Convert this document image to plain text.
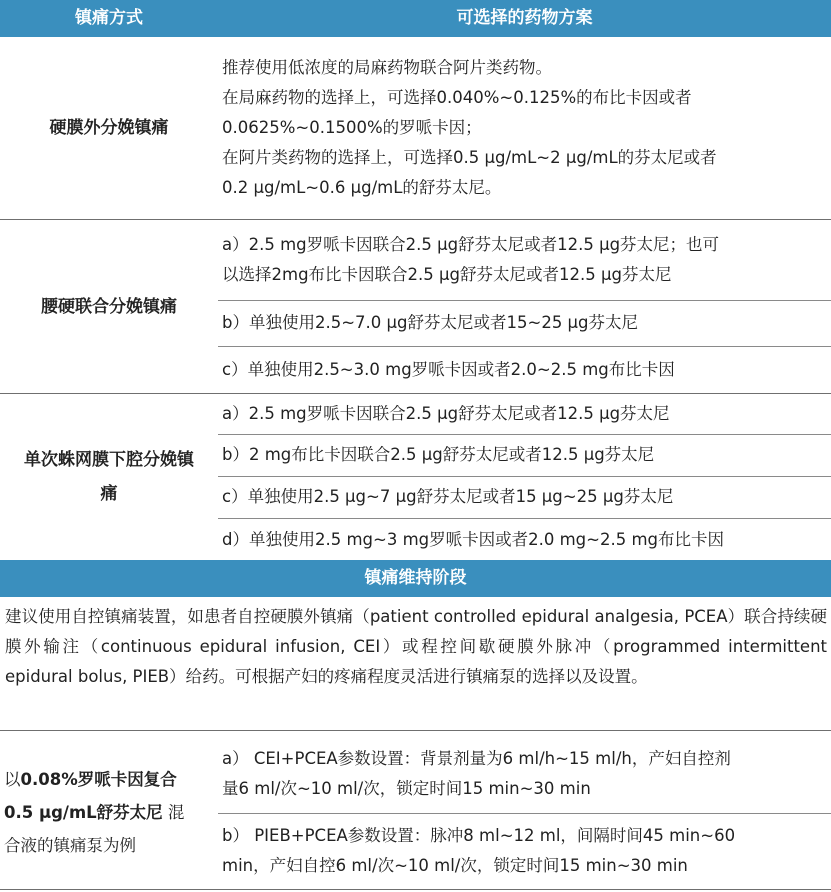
镇痛方式	可选择的药物方案
硬膜外分娩镇痛
推荐使用低浓度的局麻药物联合阿片类药物。
在局麻药物的选择上，可选择0.040%~0.125%的布比卡因或者
0.0625%~0.1500%的罗哌卡因；
在阿片类药物的选择上，可选择0.5 μg/mL~2 μg/mL的芬太尼或者
0.2 μg/mL~0.6 μg/mL的舒芬太尼。
腰硬联合分娩镇痛
a）2.5 mg罗哌卡因联合2.5 μg舒芬太尼或者12.5 μg芬太尼；也可
以选择2mg布比卡因联合2.5 μg舒芬太尼或者12.5 μg芬太尼
b）单独使用2.5~7.0 μg舒芬太尼或者15~25 μg芬太尼
c）单独使用2.5~3.0 mg罗哌卡因或者2.0~2.5 mg布比卡因
单次蛛网膜下腔分娩镇
痛
a）2.5 mg罗哌卡因联合2.5 μg舒芬太尼或者12.5 μg芬太尼
b）2 mg布比卡因联合2.5 μg舒芬太尼或者12.5 μg芬太尼
c）单独使用2.5 μg~7 μg舒芬太尼或者15 μg~25 μg芬太尼
d）单独使用2.5 mg~3 mg罗哌卡因或者2.0 mg~2.5 mg布比卡因
镇痛维持阶段
建议使用自控镇痛装置，如患者自控硬膜外镇痛（patient controlled epidural analgesia, PCEA）联合持续硬膜外输注（continuous epidural infusion, CEI）或程控间歇硬膜外脉冲（programmed intermittent epidural bolus, PIEB）给药。可根据产妇的疼痛程度灵活进行镇痛泵的选择以及设置。
以0.08%罗哌卡因复合
0.5 μg/mL舒芬太尼 混
合液的镇痛泵为例
a） CEI+PCEA参数设置：背景剂量为6 ml/h~15 ml/h，产妇自控剂
量6 ml/次~10 ml/次，锁定时间15 min~30 min
b） PIEB+PCEA参数设置：脉冲8 ml~12 ml，间隔时间45 min~60
min，产妇自控6 ml/次~10 ml/次，锁定时间15 min~30 min
